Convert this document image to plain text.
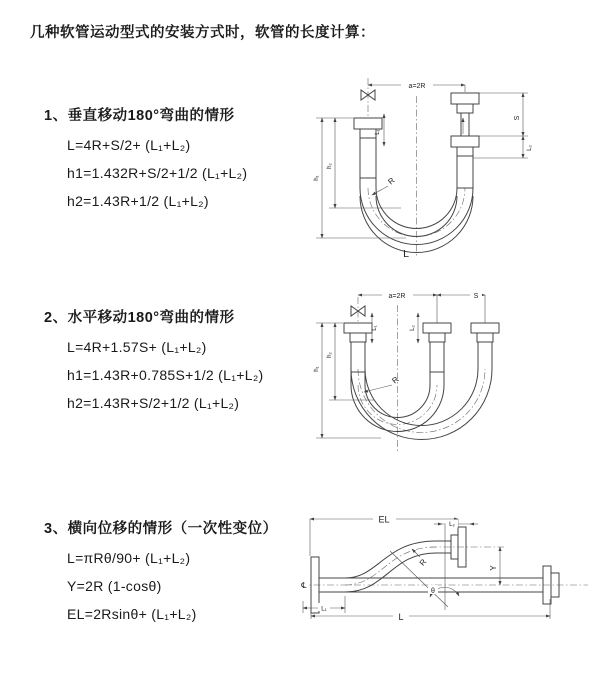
几种软管运动型式的安装方式时，软管的长度计算：
1、垂直移动180°弯曲的情形
L=4R+S/2+ (L₁+L₂)
h1=1.432R+S/2+1/2 (L₁+L₂)
h2=1.43R+1/2 (L₁+L₂)
2、水平移动180°弯曲的情形
L=4R+1.57S+ (L₁+L₂)
h1=1.43R+0.785S+1/2 (L₁+L₂)
h2=1.43R+S/2+1/2 (L₁+L₂)
3、横向位移的情形（一次性变位）
L=πRθ/90+ (L₁+L₂)
Y=2R (1-cosθ)
EL=2Rsinθ+ (L₁+L₂)
a=2R
L₁
h₁
h₂
S
L₂
R
L
a=2R	S
L₁	L₂
h₁
h₂
R
℄
θ
R
EL	L₂
Y
L₁
L
